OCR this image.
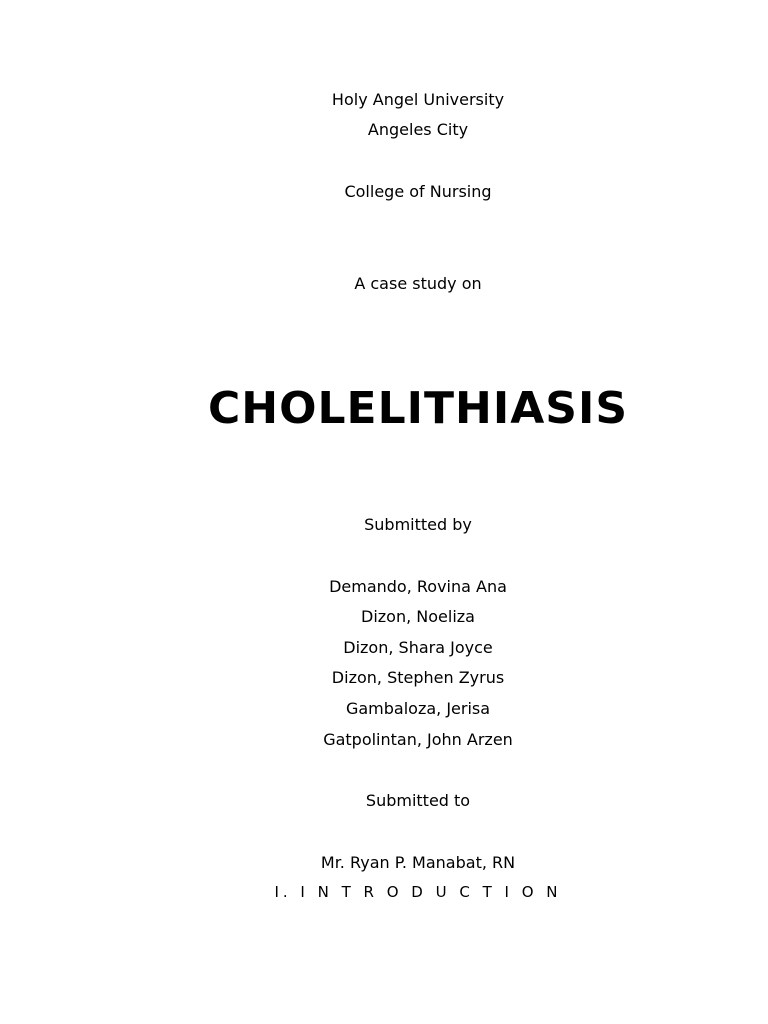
Holy Angel University
Angeles City
College of Nursing
A case study on
CHOLELITHIASIS
Submitted by
Demando, Rovina Ana
Dizon, Noeliza
Dizon, Shara Joyce
Dizon, Stephen Zyrus
Gambaloza, Jerisa
Gatpolintan, John Arzen
Submitted to
Mr. Ryan P. Manabat, RN
I. I N T R O D U C T I O N
